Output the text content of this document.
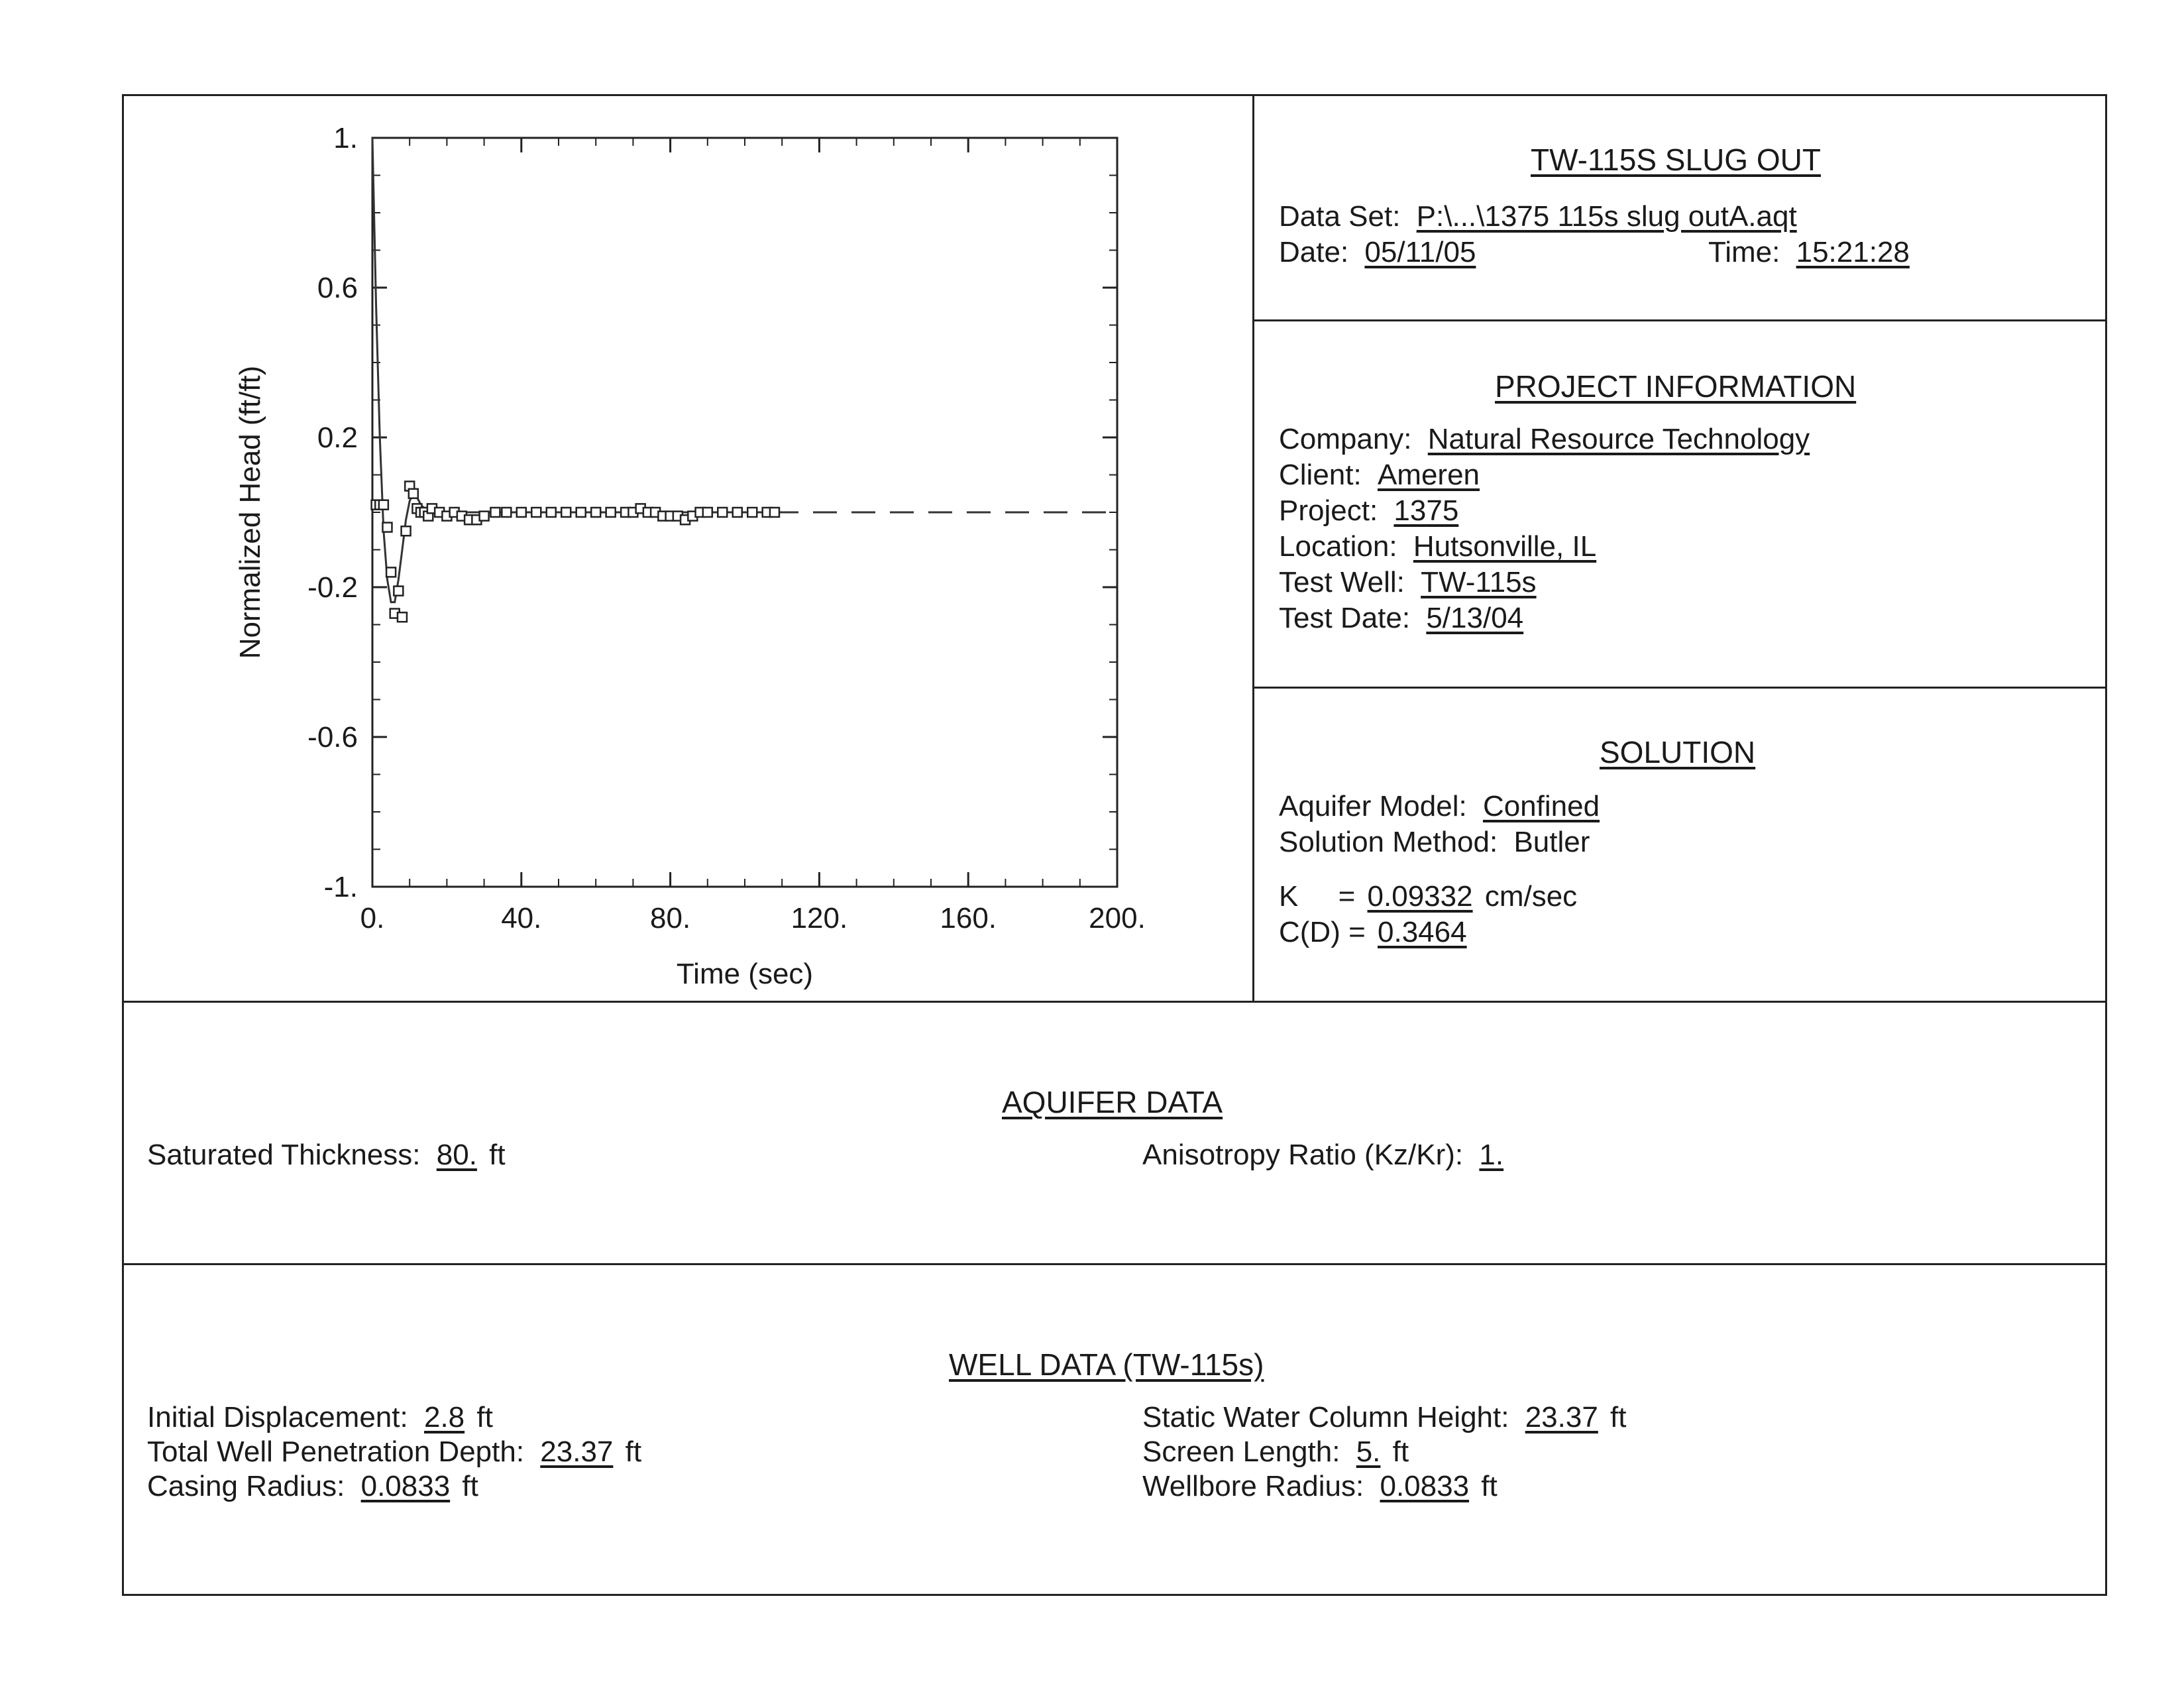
0.	40.	80.	120.	160.	200.
1.
0.6
0.2
-0.2
-0.6
-1.
Time (sec)
Normalized Head (ft/ft)
TW-115S SLUG OUT
Data Set: P:\...\1375 115s slug outA.aqt
Date: 05/11/05	Time: 15:21:28
PROJECT INFORMATION
Company: Natural Resource Technology
Client: Ameren
Project: 1375
Location: Hutsonville, IL
Test Well: TW-115s
Test Date: 5/13/04
SOLUTION
Aquifer Model: Confined
Solution Method: Butler
K = 0.09332 cm/sec
C(D) = 0.3464
AQUIFER DATA
Saturated Thickness: 80. ft	Anisotropy Ratio (Kz/Kr): 1.
WELL DATA (TW-115s)
Initial Displacement: 2.8 ft
Total Well Penetration Depth: 23.37 ft
Casing Radius: 0.0833 ft
Static Water Column Height: 23.37 ft
Screen Length: 5. ft
Wellbore Radius: 0.0833 ft
